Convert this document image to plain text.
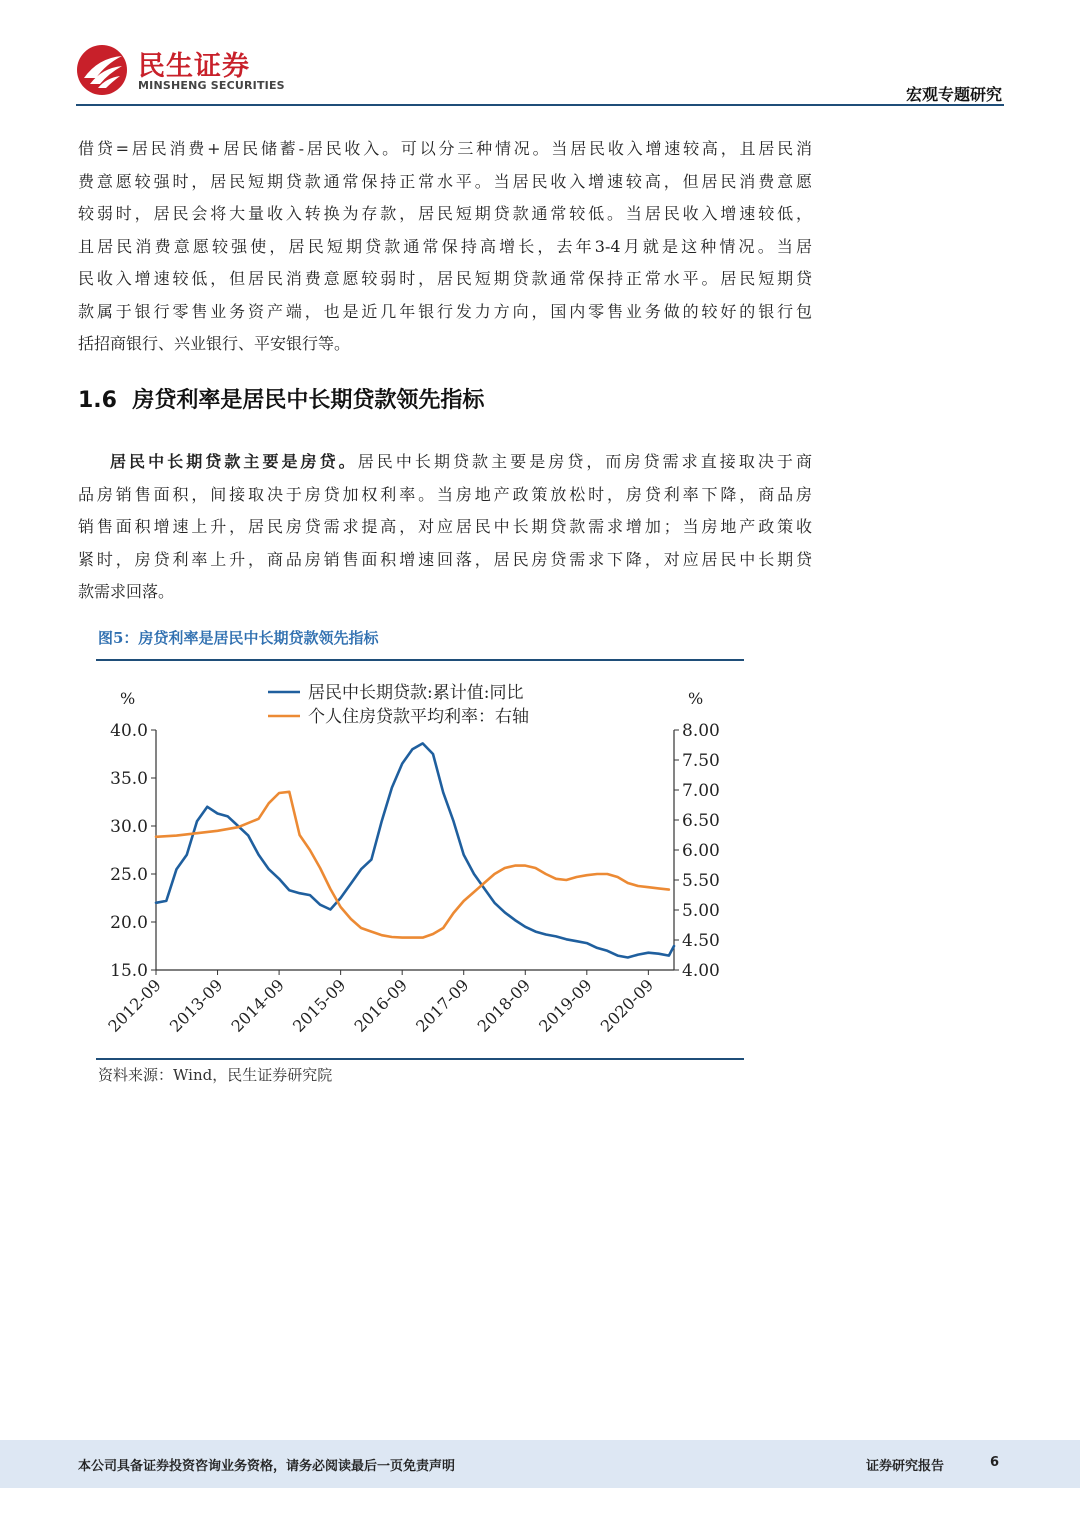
民生证券
MINSHENG SECURITIES	宏观专题研究
借贷=居民消费+居民储蓄-居民收入。可以分三种情况。当居民收入增速较高，且居民消
费意愿较强时，居民短期贷款通常保持正常水平。当居民收入增速较高，但居民消费意愿
较弱时，居民会将大量收入转换为存款，居民短期贷款通常较低。当居民收入增速较低，
且居民消费意愿较强使，居民短期贷款通常保持高增长，去年3-4月就是这种情况。当居
民收入增速较低，但居民消费意愿较弱时，居民短期贷款通常保持正常水平。居民短期贷
款属于银行零售业务资产端，也是近几年银行发力方向，国内零售业务做的较好的银行包
括招商银行、兴业银行、平安银行等。
1.6 房贷利率是居民中长期贷款领先指标
居民中长期贷款主要是房贷。居民中长期贷款主要是房贷，而房贷需求直接取决于商
品房销售面积，间接取决于房贷加权利率。当房地产政策放松时，房贷利率下降，商品房
销售面积增速上升，居民房贷需求提高，对应居民中长期贷款需求增加；当房地产政策收
紧时，房贷利率上升，商品房销售面积增速回落，居民房贷需求下降，对应居民中长期贷
款需求回落。
图5：房贷利率是居民中长期贷款领先指标
%	%
40.0
35.0
30.0
25.0
20.0
15.0
8.00
7.50
7.00
6.50
6.00
5.50
5.00
4.50
4.00
2012-09 2013-09 2014-09 2015-09 2016-09 2017-09 2018-09 2019-09 2020-09
居民中长期贷款:累计值:同比
个人住房贷款平均利率：右轴
资料来源：Wind，民生证券研究院
本公司具备证券投资咨询业务资格，请务必阅读最后一页免责声明	证券研究报告	6
